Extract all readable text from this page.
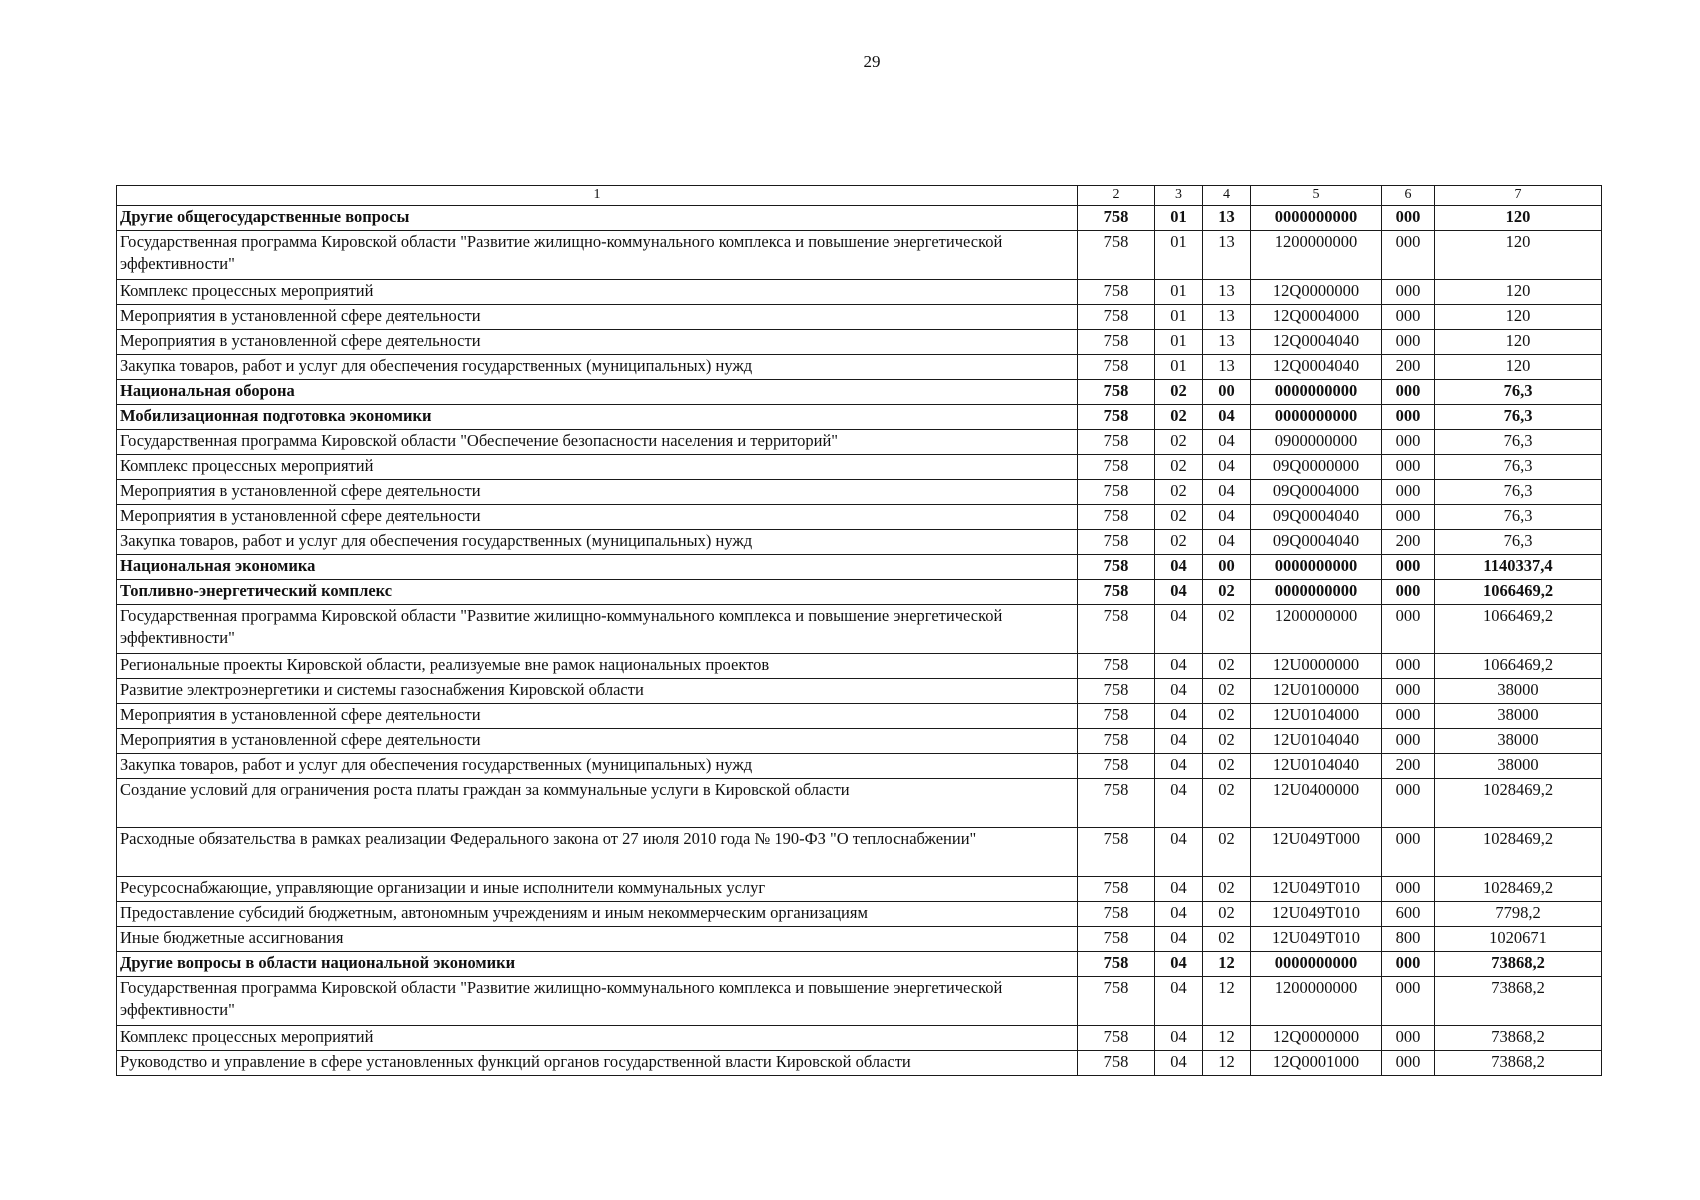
29
1	2	3	4	5	6	7
Другие общегосударственные вопросы	758	01	13	0000000000	000	120
Государственная программа Кировской области "Развитие жилищно-коммунального комплекса и повышение энергетической эффективности"	758	01	13	1200000000	000	120
Комплекс процессных мероприятий	758	01	13	12Q0000000	000	120
Мероприятия в установленной сфере деятельности	758	01	13	12Q0004000	000	120
Мероприятия в установленной сфере деятельности	758	01	13	12Q0004040	000	120
Закупка товаров, работ и услуг для обеспечения государственных (муниципальных) нужд	758	01	13	12Q0004040	200	120
Национальная оборона	758	02	00	0000000000	000	76,3
Мобилизационная подготовка экономики	758	02	04	0000000000	000	76,3
Государственная программа Кировской области "Обеспечение безопасности населения и территорий"	758	02	04	0900000000	000	76,3
Комплекс процессных мероприятий	758	02	04	09Q0000000	000	76,3
Мероприятия в установленной сфере деятельности	758	02	04	09Q0004000	000	76,3
Мероприятия в установленной сфере деятельности	758	02	04	09Q0004040	000	76,3
Закупка товаров, работ и услуг для обеспечения государственных (муниципальных) нужд	758	02	04	09Q0004040	200	76,3
Национальная экономика	758	04	00	0000000000	000	1140337,4
Топливно-энергетический комплекс	758	04	02	0000000000	000	1066469,2
Государственная программа Кировской области "Развитие жилищно-коммунального комплекса и повышение энергетической эффективности"	758	04	02	1200000000	000	1066469,2
Региональные проекты Кировской области, реализуемые вне рамок национальных проектов	758	04	02	12U0000000	000	1066469,2
Развитие электроэнергетики и системы газоснабжения Кировской области	758	04	02	12U0100000	000	38000
Мероприятия в установленной сфере деятельности	758	04	02	12U0104000	000	38000
Мероприятия в установленной сфере деятельности	758	04	02	12U0104040	000	38000
Закупка товаров, работ и услуг для обеспечения государственных (муниципальных) нужд	758	04	02	12U0104040	200	38000
Создание условий для ограничения роста платы граждан за коммунальные услуги в Кировской области	758	04	02	12U0400000	000	1028469,2
Расходные обязательства в рамках реализации Федерального закона от 27 июля 2010 года № 190-ФЗ "О теплоснабжении"	758	04	02	12U049T000	000	1028469,2
Ресурсоснабжающие, управляющие организации и иные исполнители коммунальных услуг	758	04	02	12U049T010	000	1028469,2
Предоставление субсидий бюджетным, автономным учреждениям и иным некоммерческим организациям	758	04	02	12U049T010	600	7798,2
Иные бюджетные ассигнования	758	04	02	12U049T010	800	1020671
Другие вопросы в области национальной экономики	758	04	12	0000000000	000	73868,2
Государственная программа Кировской области "Развитие жилищно-коммунального комплекса и повышение энергетической эффективности"	758	04	12	1200000000	000	73868,2
Комплекс процессных мероприятий	758	04	12	12Q0000000	000	73868,2
Руководство и управление в сфере установленных функций органов государственной власти Кировской области	758	04	12	12Q0001000	000	73868,2
